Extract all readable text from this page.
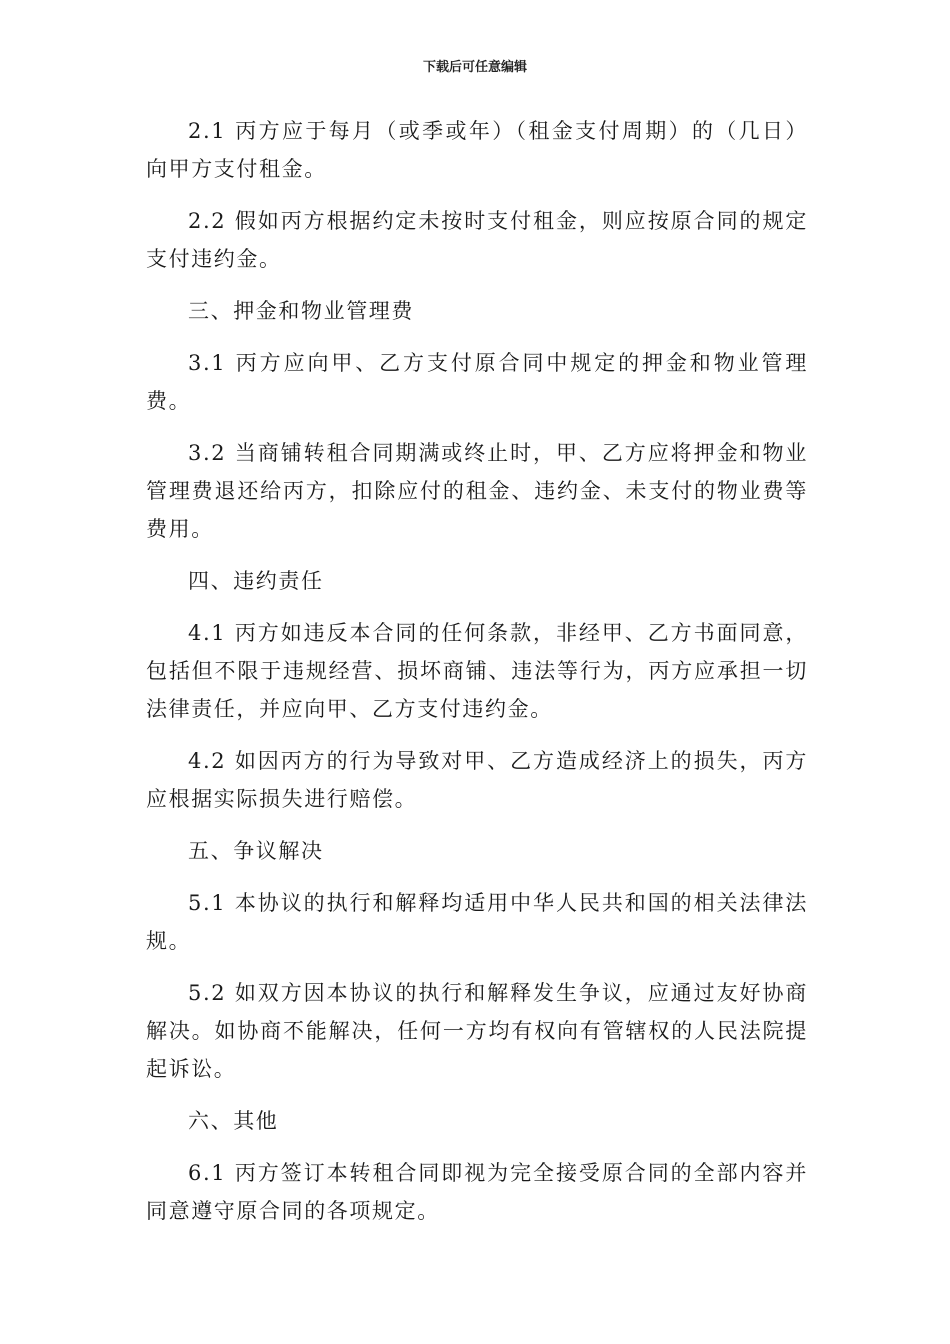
下载后可任意编辑

2.1 丙方应于每月（或季或年）（租金支付周期）的（几日）向甲方支付租金。

2.2 假如丙方根据约定未按时支付租金，则应按原合同的规定支付违约金。

三、押金和物业管理费

3.1 丙方应向甲、乙方支付原合同中规定的押金和物业管理费。

3.2 当商铺转租合同期满或终止时，甲、乙方应将押金和物业管理费退还给丙方，扣除应付的租金、违约金、未支付的物业费等费用。

四、违约责任

4.1 丙方如违反本合同的任何条款，非经甲、乙方书面同意，包括但不限于违规经营、损坏商铺、违法等行为，丙方应承担一切法律责任，并应向甲、乙方支付违约金。

4.2 如因丙方的行为导致对甲、乙方造成经济上的损失，丙方应根据实际损失进行赔偿。

五、争议解决

5.1 本协议的执行和解释均适用中华人民共和国的相关法律法规。

5.2 如双方因本协议的执行和解释发生争议，应通过友好协商解决。如协商不能解决，任何一方均有权向有管辖权的人民法院提起诉讼。

六、其他

6.1 丙方签订本转租合同即视为完全接受原合同的全部内容并同意遵守原合同的各项规定。
